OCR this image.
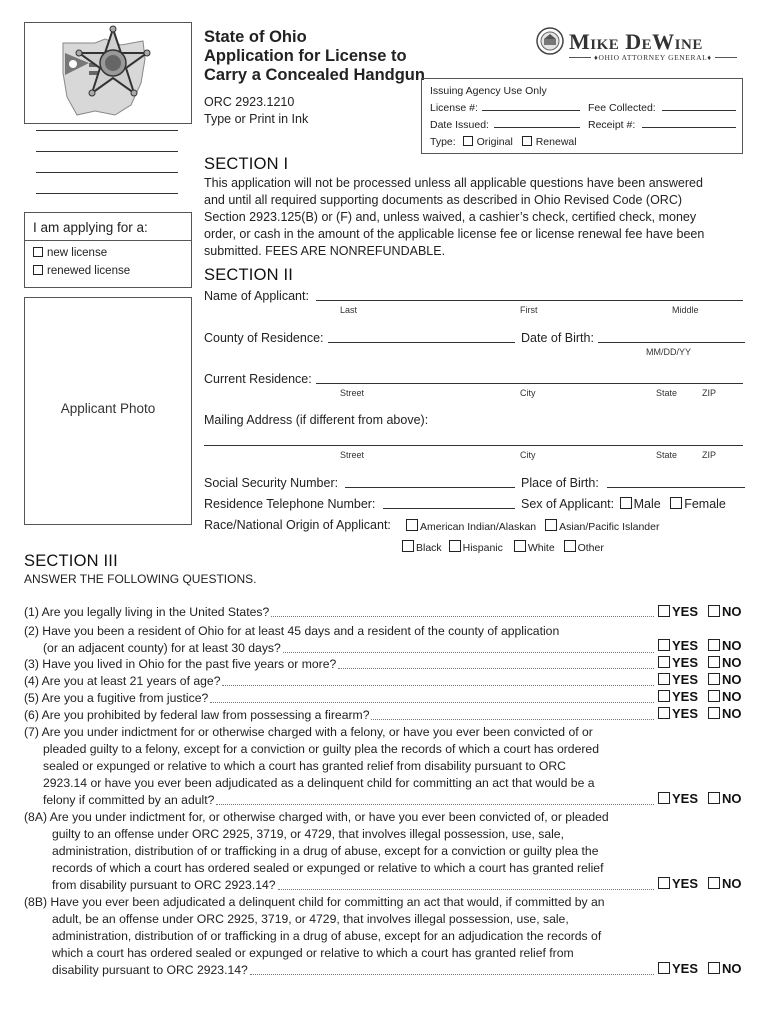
State of Ohio
Application for License to
Carry a Concealed Handgun
ORC 2923.1210
Type or Print in Ink
Mike DeWine
♦ OHIO ATTORNEY GENERAL ♦
Issuing Agency Use Only
License #:	Fee Collected:
Date Issued:	Receipt #:
Type: Original Renewal
I am applying for a:
new license
renewed license
Applicant Photo
SECTION I
This application will not be processed unless all applicable questions have been answered
and until all required supporting documents as described in Ohio Revised Code (ORC)
Section 2923.125(B) or (F) and, unless waived, a cashier’s check, certified check, money
order, or cash in the amount of the applicable license fee or license renewal fee have been
submitted. FEES ARE NONREFUNDABLE.
SECTION II
Name of Applicant:
Last	First	Middle
County of Residence:	Date of Birth:
MM/DD/YY
Current Residence:
Street	City	State	ZIP
Mailing Address (if different from above):
Street	City	State	ZIP
Social Security Number:	Place of Birth:
Residence Telephone Number:	Sex of Applicant: Male Female
Race/National Origin of Applicant:	American Indian/Alaskan Asian/Pacific Islander
Black Hispanic White Other
SECTION III
ANSWER THE FOLLOWING QUESTIONS.
(1) Are you legally living in the United States?	YES NO
(2) Have you been a resident of Ohio for at least 45 days and a resident of the county of application
(or an adjacent county) for at least 30 days?	YES NO
(3) Have you lived in Ohio for the past five years or more?	YES NO
(4) Are you at least 21 years of age?	YES NO
(5) Are you a fugitive from justice?	YES NO
(6) Are you prohibited by federal law from possessing a firearm?	YES NO
(7) Are you under indictment for or otherwise charged with a felony, or have you ever been convicted of or
pleaded guilty to a felony, except for a conviction or guilty plea the records of which a court has ordered
sealed or expunged or relative to which a court has granted relief from disability pursuant to ORC
2923.14 or have you ever been adjudicated as a delinquent child for committing an act that would be a
felony if committed by an adult?	YES NO
(8A) Are you under indictment for, or otherwise charged with, or have you ever been convicted of, or pleaded
guilty to an offense under ORC 2925, 3719, or 4729, that involves illegal possession, use, sale,
administration, distribution of or trafficking in a drug of abuse, except for a conviction or guilty plea the
records of which a court has ordered sealed or expunged or relative to which a court has granted relief
from disability pursuant to ORC 2923.14?	YES NO
(8B) Have you ever been adjudicated a delinquent child for committing an act that would, if committed by an
adult, be an offense under ORC 2925, 3719, or 4729, that involves illegal possession, use, sale,
administration, distribution of or trafficking in a drug of abuse, except for an adjudication the records of
which a court has ordered sealed or expunged or relative to which a court has granted relief from
disability pursuant to ORC 2923.14?	YES NO
